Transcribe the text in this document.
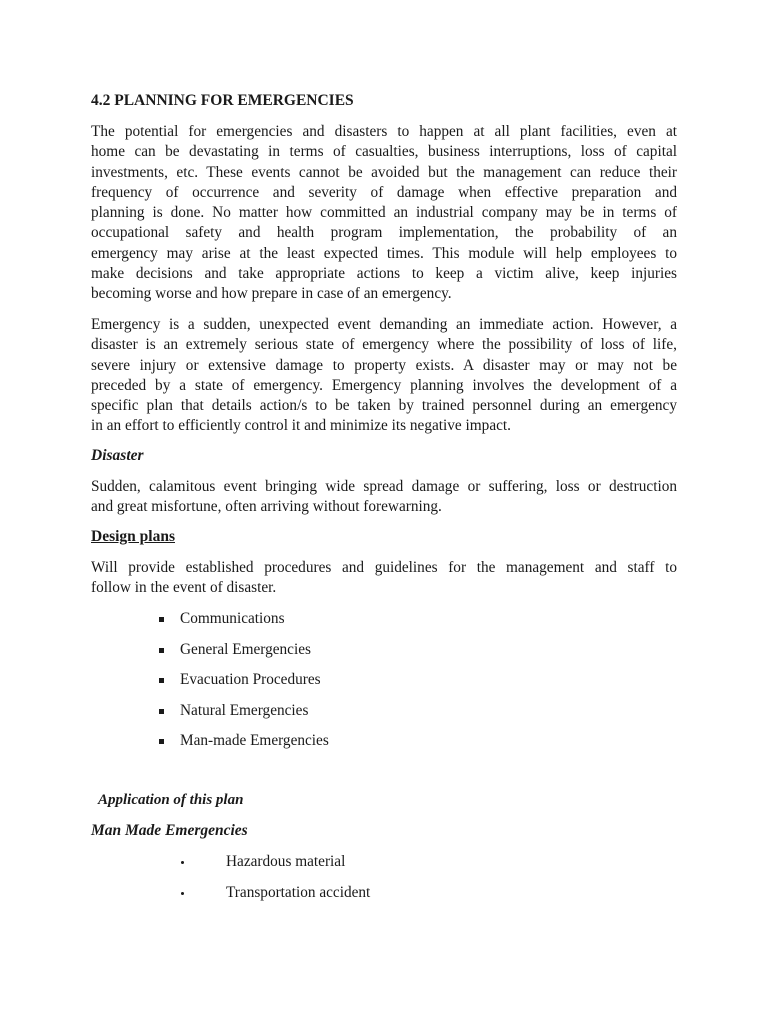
4.2 PLANNING FOR EMERGENCIES

The potential for emergencies and disasters to happen at all plant facilities, even at
home can be devastating in terms of casualties, business interruptions, loss of capital
investments, etc. These events cannot be avoided but the management can reduce their
frequency of occurrence and severity of damage when effective preparation and
planning is done. No matter how committed an industrial company may be in terms of
occupational safety and health program implementation, the probability of an
emergency may arise at the least expected times. This module will help employees to
make decisions and take appropriate actions to keep a victim alive, keep injuries
becoming worse and how prepare in case of an emergency.

Emergency is a sudden, unexpected event demanding an immediate action. However, a
disaster is an extremely serious state of emergency where the possibility of loss of life,
severe injury or extensive damage to property exists. A disaster may or may not be
preceded by a state of emergency. Emergency planning involves the development of a
specific plan that details action/s to be taken by trained personnel during an emergency
in an effort to efficiently control it and minimize its negative impact.

Disaster

Sudden, calamitous event bringing wide spread damage or suffering, loss or destruction
and great misfortune, often arriving without forewarning.

Design plans

Will provide established procedures and guidelines for the management and staff to
follow in the event of disaster.

Communications
General Emergencies
Evacuation Procedures
Natural Emergencies
Man-made Emergencies
Application of this plan
Man Made Emergencies
Hazardous material
Transportation accident
